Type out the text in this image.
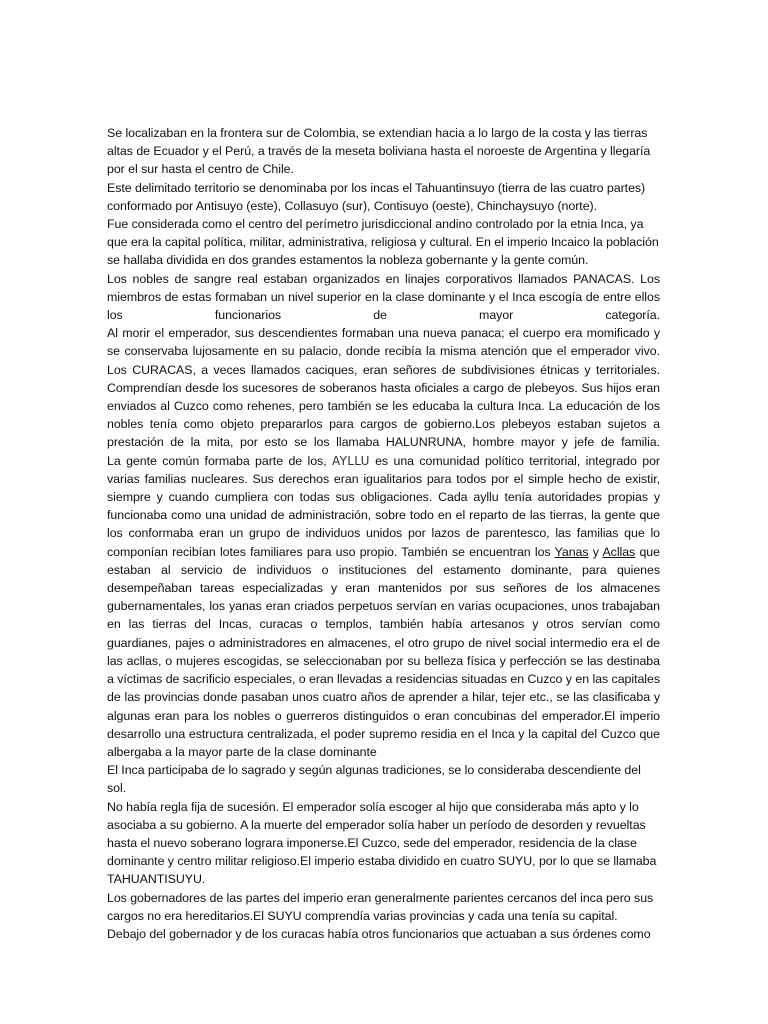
Se localizaban en la frontera sur de Colombia, se extendian hacia a lo largo de la costa y las tierras altas de Ecuador y el Perú, a través de la meseta boliviana hasta el noroeste de Argentina y llegaría por el sur hasta el centro de Chile.

Este delimitado territorio se denominaba por los incas el Tahuantinsuyo (tierra de las cuatro partes) conformado por Antisuyo (este), Collasuyo (sur), Contisuyo (oeste), Chinchaysuyo (norte).

Fue considerada como el centro del perímetro jurisdiccional andino controlado por la etnia Inca, ya que era la capital política, militar, administrativa, religiosa y cultural. En el imperio Incaico la población se hallaba dividida en dos grandes estamentos la nobleza gobernante y la gente común.

Los nobles de sangre real estaban organizados en linajes corporativos llamados PANACAS. Los miembros de estas formaban un nivel superior en la clase dominante y el Inca escogía de entre ellos los funcionarios de mayor categoría.

Al morir el emperador, sus descendientes formaban una nueva panaca; el cuerpo era momificado y se conservaba lujosamente en su palacio, donde recibía la misma atención que el emperador vivo. Los CURACAS, a veces llamados caciques, eran señores de subdivisiones étnicas y territoriales. Comprendían desde los sucesores de soberanos hasta oficiales a cargo de plebeyos. Sus hijos eran enviados al Cuzco como rehenes, pero también se les educaba la cultura Inca. La educación de los nobles tenía como objeto prepararlos para cargos de gobierno.Los plebeyos estaban sujetos a prestación de la mita, por esto se los llamaba HALUNRUNA, hombre mayor y jefe de familia.

La gente común formaba parte de los, AYLLU es una comunidad político territorial, integrado por varias familias nucleares. Sus derechos eran igualitarios para todos por el simple hecho de existir, siempre y cuando cumpliera con todas sus obligaciones. Cada ayllu tenía autoridades propias y funcionaba como una unidad de administración, sobre todo en el reparto de las tierras, la gente que los conformaba eran un grupo de individuos unidos por lazos de parentesco, las familias que lo componían recibían lotes familiares para uso propio. También se encuentran los Yanas y Acllas que estaban al servicio de individuos o instituciones del estamento dominante, para quienes desempeñaban tareas especializadas y eran mantenidos por sus señores de los almacenes gubernamentales, los yanas eran criados perpetuos servían en varias ocupaciones, unos trabajaban en las tierras del Incas, curacas o templos, también había artesanos y otros servían como guardianes, pajes o administradores en almacenes, el otro grupo de nivel social intermedio era el de las acllas, o mujeres escogidas, se seleccionaban por su belleza física y perfección se las destinaba a víctimas de sacrificio especiales, o eran llevadas a residencias situadas en Cuzco y en las capitales de las provincias donde pasaban unos cuatro años de aprender a hilar, tejer etc., se las clasificaba y algunas eran para los nobles o guerreros distinguidos o eran concubinas del emperador.El imperio desarrollo una estructura centralizada, el poder supremo residia en el Inca y la capital del Cuzco que albergaba a la mayor parte de la clase dominante

El Inca participaba de lo sagrado y según algunas tradiciones, se lo consideraba descendiente del sol.

No había regla fija de sucesión. El emperador solía escoger al hijo que consideraba más apto y lo asociaba a su gobierno. A la muerte del emperador solía haber un período de desorden y revueltas hasta el nuevo soberano lograra imponerse.El Cuzco, sede del emperador, residencia de la clase dominante y centro militar religioso.El imperio estaba dividido en cuatro SUYU, por lo que se llamaba TAHUANTISUYU.

Los gobernadores de las partes del imperio eran generalmente parientes cercanos del inca pero sus cargos no era hereditarios.El SUYU comprendía varias provincias y cada una tenía su capital.

Debajo del gobernador y de los curacas había otros funcionarios que actuaban a sus órdenes como
